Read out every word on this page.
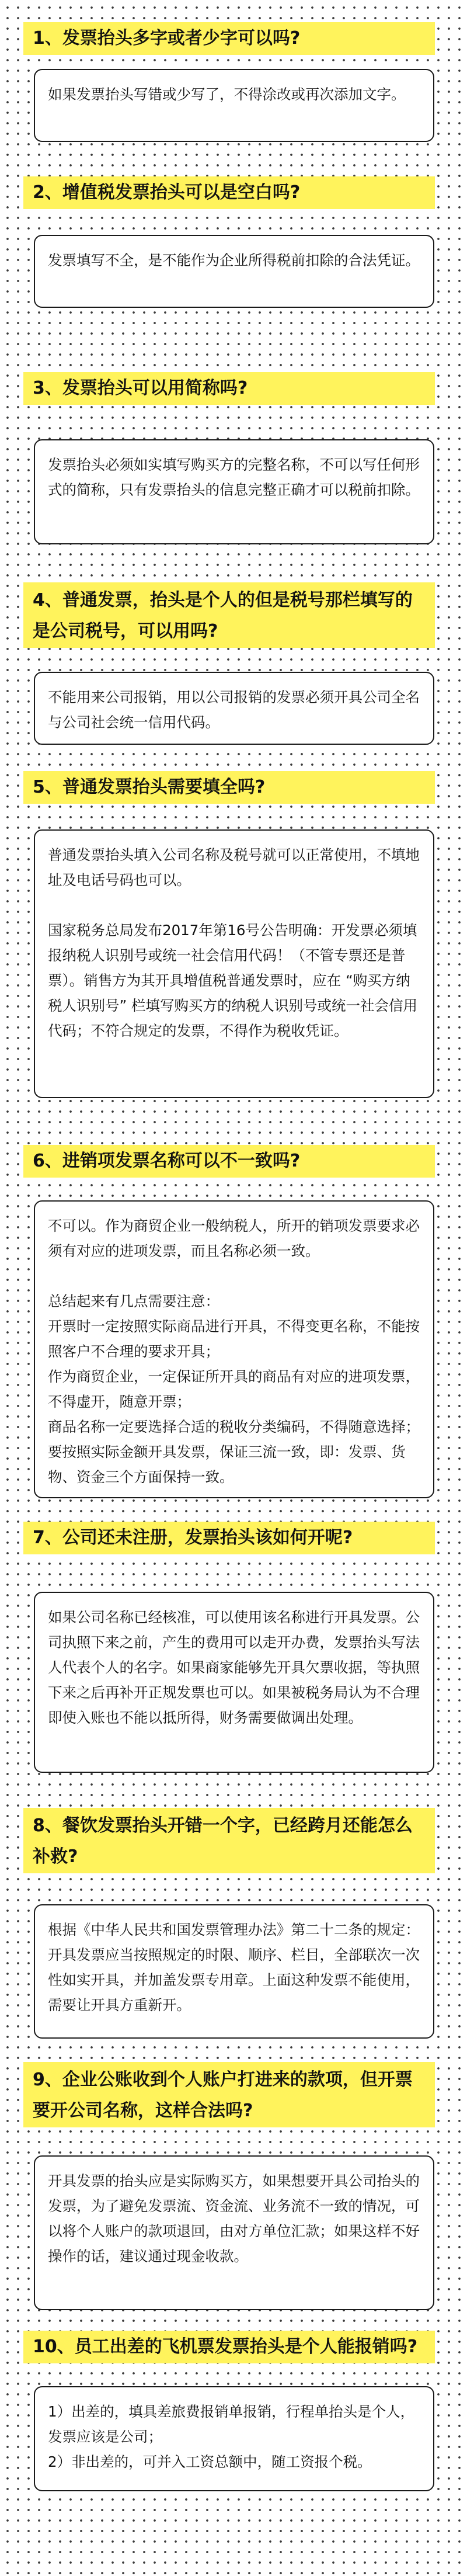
1、发票抬头多字或者少字可以吗?
如果发票抬头写错或少写了，不得涂改或再次添加文字。
2、增值税发票抬头可以是空白吗?
发票填写不全，是不能作为企业所得税前扣除的合法凭证。
3、发票抬头可以用简称吗?
发票抬头必须如实填写购买方的完整名称，不可以写任何形式的简称，只有发票抬头的信息完整正确才可以税前扣除。
4、普通发票，抬头是个人的但是税号那栏填写的是公司税号，可以用吗?
不能用来公司报销，用以公司报销的发票必须开具公司全名与公司社会统一信用代码。
5、普通发票抬头需要填全吗?
普通发票抬头填入公司名称及税号就可以正常使用，不填地址及电话号码也可以。

国家税务总局发布2017年第16号公告明确：开发票必须填报纳税人识别号或统一社会信用代码！（不管专票还是普票）。销售方为其开具增值税普通发票时，应在 “购买方纳税人识别号” 栏填写购买方的纳税人识别号或统一社会信用代码；不符合规定的发票，不得作为税收凭证。
6、进销项发票名称可以不一致吗?
不可以。作为商贸企业一般纳税人，所开的销项发票要求必须有对应的进项发票，而且名称必须一致。

总结起来有几点需要注意：
开票时一定按照实际商品进行开具，不得变更名称，不能按照客户不合理的要求开具；
作为商贸企业，一定保证所开具的商品有对应的进项发票，不得虚开，随意开票；
商品名称一定要选择合适的税收分类编码，不得随意选择；
要按照实际金额开具发票，保证三流一致，即：发票、货物、资金三个方面保持一致。
7、公司还未注册，发票抬头该如何开呢?
如果公司名称已经核准，可以使用该名称进行开具发票。公司执照下来之前，产生的费用可以走开办费，发票抬头写法人代表个人的名字。如果商家能够先开具欠票收据，等执照下来之后再补开正规发票也可以。如果被税务局认为不合理即使入账也不能以抵所得，财务需要做调出处理。
8、餐饮发票抬头开错一个字，已经跨月还能怎么补救?
根据《中华人民共和国发票管理办法》第二十二条的规定：开具发票应当按照规定的时限、顺序、栏目，全部联次一次性如实开具，并加盖发票专用章。上面这种发票不能使用，需要让开具方重新开。
9、企业公账收到个人账户打进来的款项，但开票要开公司名称，这样合法吗?
开具发票的抬头应是实际购买方，如果想要开具公司抬头的发票，为了避免发票流、资金流、业务流不一致的情况，可以将个人账户的款项退回，由对方单位汇款；如果这样不好操作的话，建议通过现金收款。
10、员工出差的飞机票发票抬头是个人能报销吗?
1）出差的，填具差旅费报销单报销，行程单抬头是个人，发票应该是公司；
2）非出差的，可并入工资总额中，随工资报个税。
